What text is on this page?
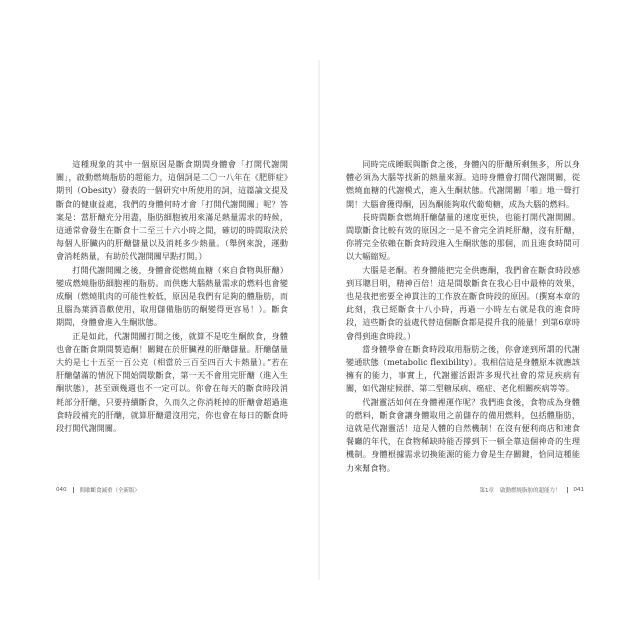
這種現象的其中一個原因是斷食期間身體會「打開代謝開關」，啟動燃燒脂肪的超能力，這個詞是二〇一八年在《肥胖症》期刊（Obesity）發表的一個研究中所使用的詞，這篇論文提及斷食的健康益處，我們的身體何時才會「打開代謝開關」呢？答案是：當肝醣充分用盡，脂肪細胞被用來滿足熱量需求的時候，這通常會發生在斷食十二至三十六小時之間，確切的時間取決於每個人肝臟內的肝醣儲量以及消耗多少熱量。（舉例來說，運動會消耗熱量，有助於代謝開關早點打開。）

打開代謝開關之後，身體會從燃燒血糖（來自食物與肝醣）變成燃燒脂肪細胞裡的脂肪。而供應大腦熱量需求的燃料也會變成酮（燃燒肌肉的可能性較低，原因是我們有足夠的體脂肪，而且腦為葉酒喜歡使用，取用儲備脂肪的酮變得更容易！）。斷食期間，身體會進入生酮狀態。

正是如此，代謝開關打開之後，就算不是吃生酮飲食，身體也會在斷食期間製造酮！關鍵在於肝臟裡的肝醣儲量。肝醣儲量大約是七十五至一百公克（相當於三百至四百大卡熱量）。”若在肝醣儲滿的情況下開始間歇斷食，第一天不會用完肝醣（進入生酮狀態），甚至頭幾週也不一定可以。你會在每天的斷食時段消耗部分肝醣，只要持續斷食，久而久之你消耗掉的肝醣會超過進食時段補充的肝醣，就算肝醣還沒用完，你也會在每日的斷食時段打開代謝開關。

040 間歇斷食減重（全新版）	第1章 啟動燃燒脂肪的超能力！ 041

同時完成睡眠與斷食之後，身體內的肝醣所剩無多，所以身體必須為大腦等找新的熱量來源。這時身體會打開代謝開關，從燃燒血糖的代謝模式，進入生酮狀態。代謝開關「啪」地一聲打開！大腦會獲得酮，因為酮能夠取代葡萄糖，成為大腦的燃料。

長時間斷食燃燒肝醣儲量的速度更快，也能打開代謝開關。間歇斷食比較有效的原因之一是不會完全消耗肝醣，沒有肝醣，你將完全依賴在斷食時段進入生酮狀態的那個，而且進食時間可以大幅縮短。

大腦是老酮。若身體能把完全供應酮，我們會在斷食時段感到耳聰目明，精神百倍！這是間歇斷食在我心目中最棒的效果，也是我把密要全神貫注的工作放在斷食時段的原因。（撰寫本章的此刻，我已經斷食十八小時，再過一小時左右就是我的進食時段，這些斷食的益處代替這個斷食都是提升我的能量！到第6章時會得到進食時段。）

當身體學會在斷食時段取用脂肪之後，你會達到所謂的代謝變通狀態（metabolic flexibility）。我相信這是身體原本就應該擁有的能力，事實上，代謝靈活跟許多現代社會的常見疾病有關，如代謝症候群、第二型糖尿病、癌症、老化相關疾病等等。

代謝靈活如何在身體裡運作呢？我們進食後，食物成為身體的燃料，斷食會讓身體取用之前儲存的備用燃料，包括體脂肪，這就是代謝靈活！這是人體的自然機制！在沒有便利商店和速食餐廳的年代，在食物稀缺時能否撐到下一頓全靠這個神奇的生理機制。身體根據需求切換能源的能力會是生存關鍵，恰同這種能力來幫食物。
